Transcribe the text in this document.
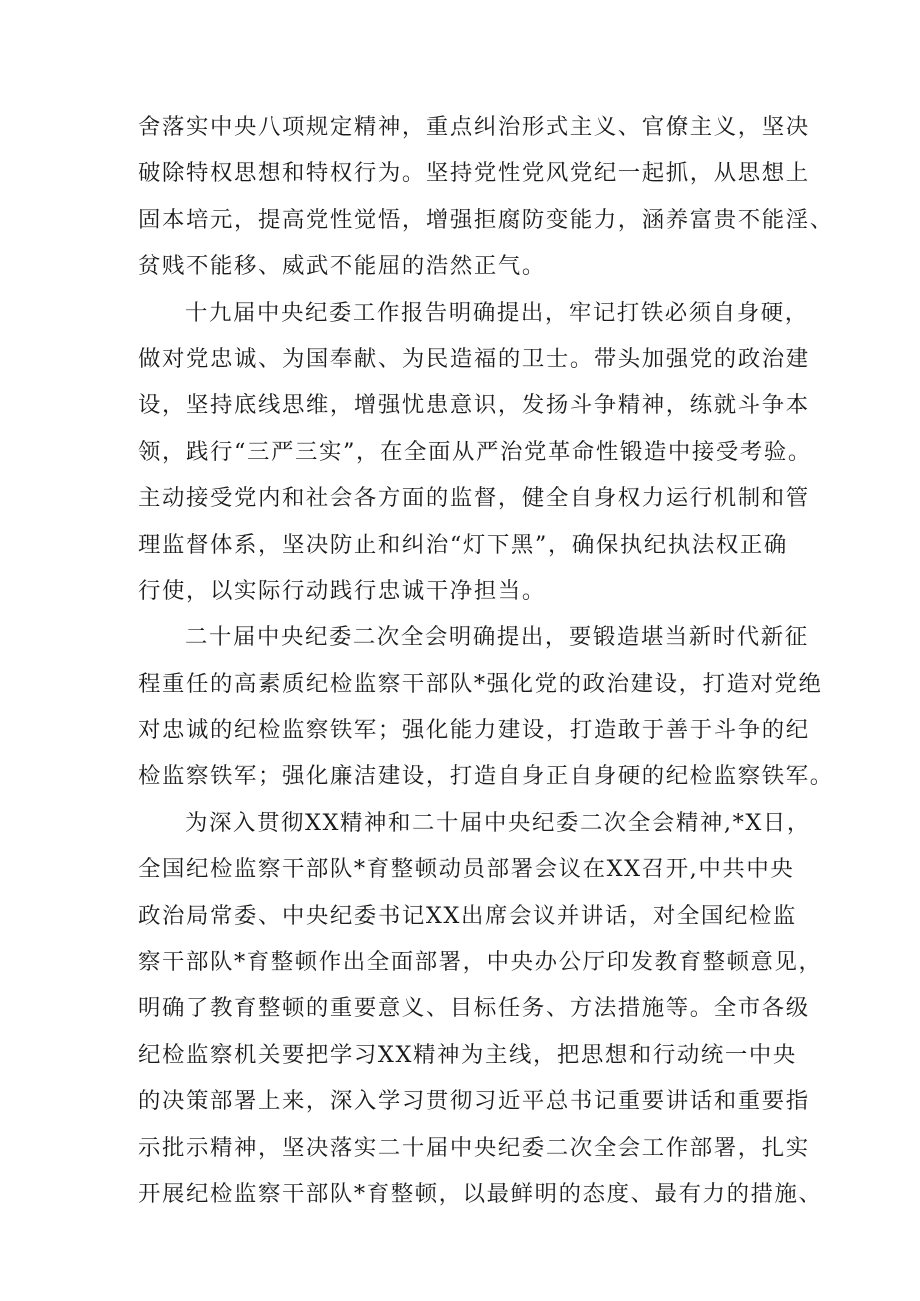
舍落实中央八项规定精神，重点纠治形式主义、官僚主义，坚决
破除特权思想和特权行为。坚持党性党风党纪一起抓，从思想上
固本培元，提高党性觉悟，增强拒腐防变能力，涵养富贵不能淫、
贫贱不能移、威武不能屈的浩然正气。
十九届中央纪委工作报告明确提出，牢记打铁必须自身硬，
做对党忠诚、为国奉献、为民造福的卫士。带头加强党的政治建
设，坚持底线思维，增强忧患意识，发扬斗争精神，练就斗争本
领，践行“三严三实”，在全面从严治党革命性锻造中接受考验。
主动接受党内和社会各方面的监督，健全自身权力运行机制和管
理监督体系，坚决防止和纠治“灯下黑”，确保执纪执法权正确
行使，以实际行动践行忠诚干净担当。
二十届中央纪委二次全会明确提出，要锻造堪当新时代新征
程重任的高素质纪检监察干部队*强化党的政治建设，打造对党绝
对忠诚的纪检监察铁军；强化能力建设，打造敢于善于斗争的纪
检监察铁军；强化廉洁建设，打造自身正自身硬的纪检监察铁军。
为深入贯彻XX精神和二十届中央纪委二次全会精神,*X日，
全国纪检监察干部队*育整顿动员部署会议在XX召开,中共中央
政治局常委、中央纪委书记XX出席会议并讲话，对全国纪检监
察干部队*育整顿作出全面部署，中央办公厅印发教育整顿意见，
明确了教育整顿的重要意义、目标任务、方法措施等。全市各级
纪检监察机关要把学习XX精神为主线，把思想和行动统一中央
的决策部署上来，深入学习贯彻习近平总书记重要讲话和重要指
示批示精神，坚决落实二十届中央纪委二次全会工作部署，扎实
开展纪检监察干部队*育整顿，以最鲜明的态度、最有力的措施、
